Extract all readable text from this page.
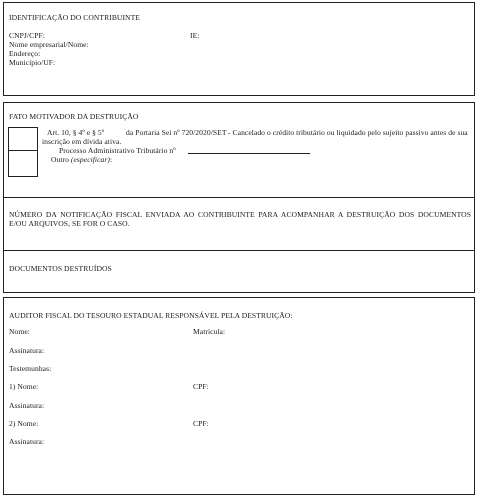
IDENTIFICAÇÃO DO CONTRIBUINTE
CNPJ/CPF:	IE:
Nome empresarial/Nome:
Endereço:
Município/UF:
FATO MOTIVADOR DA DESTRUIÇÃO
Art. 10, § 4º e § 5º	da Portaria Sei nº 720/2020/SET - Cancelado o crédito tributário ou liquidado pelo sujeito passivo antes de sua
inscrição em dívida ativa.
Processo Administrativo Tributário nº
Outro (especificar):
NÚMERO DA NOTIFICAÇÃO FISCAL ENVIADA AO CONTRIBUINTE PARA ACOMPANHAR A DESTRUIÇÃO DOS DOCUMENTOS
E/OU ARQUIVOS, SE FOR O CASO.
DOCUMENTOS DESTRUÍDOS
AUDITOR FISCAL DO TESOURO ESTADUAL RESPONSÁVEL PELA DESTRUIÇÃO:
Nome:	Matrícula:
Assinatura:
Testemunhas:
1) Nome:	CPF:
Assinatura:
2) Nome:	CPF:
Assinatura:
